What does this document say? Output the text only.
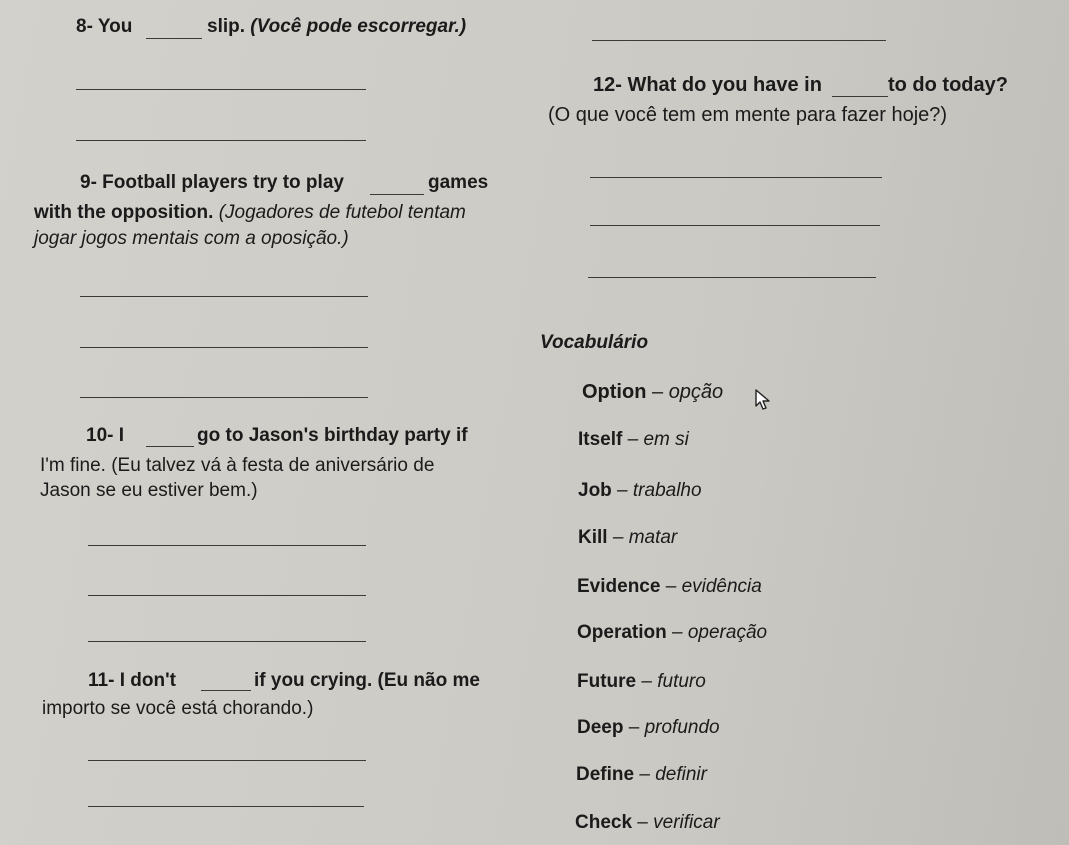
8- You	slip. (Você pode escorregar.)
12- What do you have in	to do today?
(O que você tem em mente para fazer hoje?)
9- Football players try to play	games
with the opposition. (Jogadores de futebol tentam
jogar jogos mentais com a oposição.)
Vocabulário
Option – opção
Itself – em si
Job – trabalho
Kill – matar
Evidence – evidência
Operation – operação
Future – futuro
Deep – profundo
Define – definir
Check – verificar
10- I	go to Jason's birthday party if
I'm fine. (Eu talvez vá à festa de aniversário de
Jason se eu estiver bem.)
11- I don't	if you crying. (Eu não me
importo se você está chorando.)
